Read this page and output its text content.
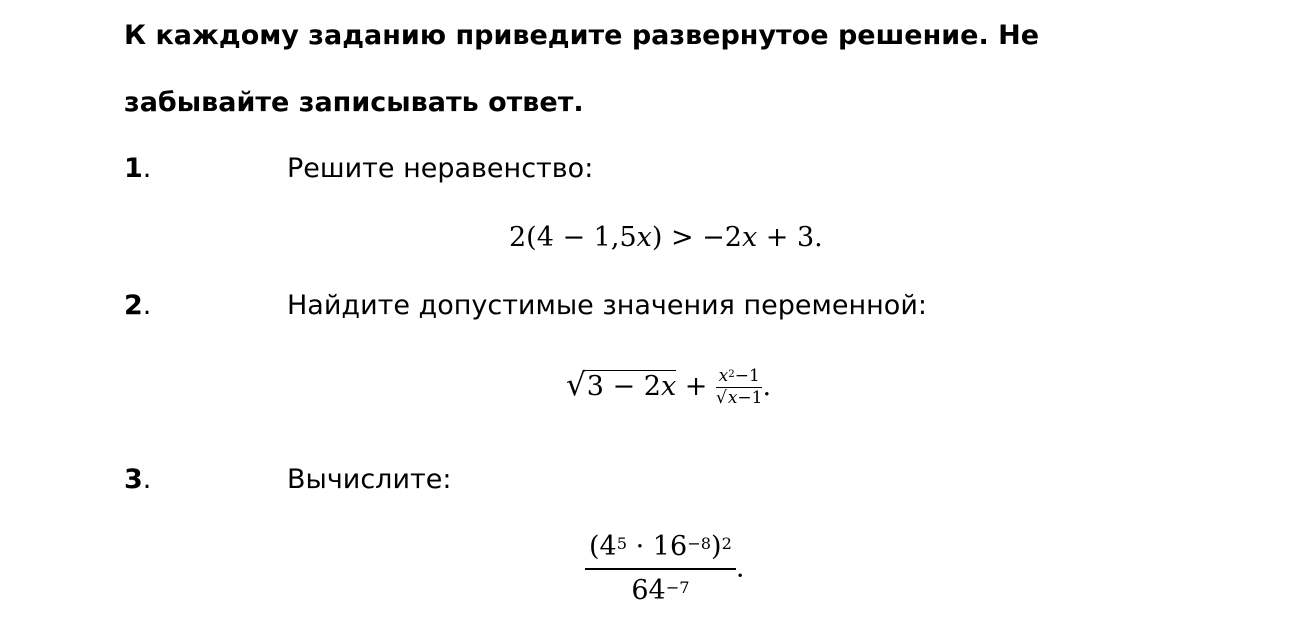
К каждому заданию приведите развернутое решение. Не
забывайте записывать ответ.
1.	Решите неравенство:
2(4 − 1,5x) > −2x + 3.
2.	Найдите допустимые значения переменной:
$√3 - 2x + \frac{x^2-1}{√x-1}$ .
3.	Вычислите:
$\frac{(4^5 \cdot 16^{-8})^2}{64^{-7}}$ .
